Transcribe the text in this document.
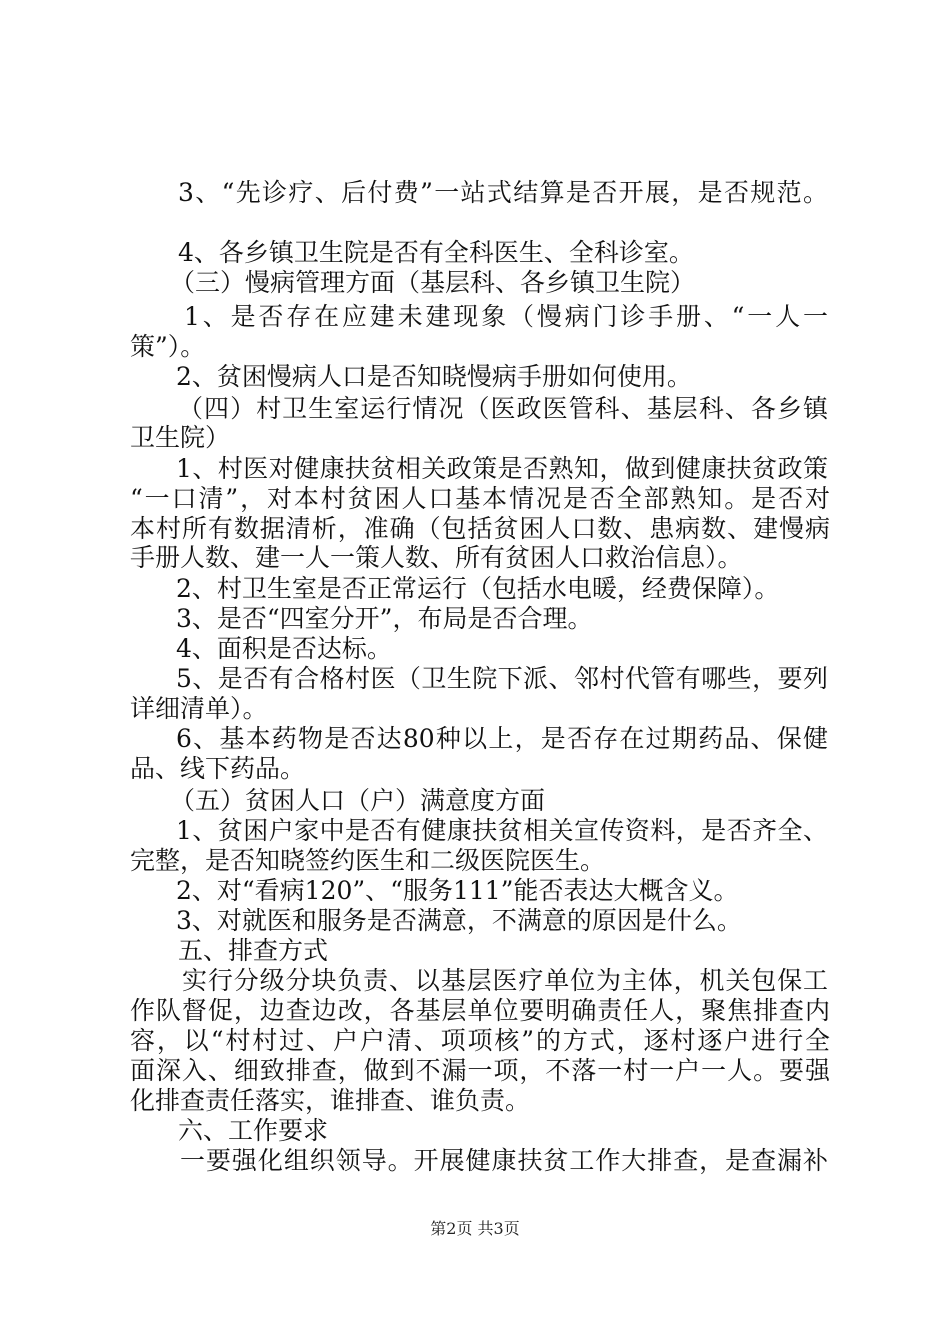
3、“先诊疗、后付费”一站式结算是否开展，是否规范。
4、各乡镇卫生院是否有全科医生、全科诊室。
（三）慢病管理方面（基层科、各乡镇卫生院）
1、是否存在应建未建现象（慢病门诊手册、“一人一
策”）。
2、贫困慢病人口是否知晓慢病手册如何使用。
（四）村卫生室运行情况（医政医管科、基层科、各乡镇
卫生院）
1、村医对健康扶贫相关政策是否熟知，做到健康扶贫政策
“一口清”，对本村贫困人口基本情况是否全部熟知。是否对
本村所有数据清析，准确（包括贫困人口数、患病数、建慢病
手册人数、建一人一策人数、所有贫困人口救治信息）。
2、村卫生室是否正常运行（包括水电暖，经费保障）。
3、是否“四室分开”，布局是否合理。
4、面积是否达标。
5、是否有合格村医（卫生院下派、邻村代管有哪些，要列
详细清单）。
6、基本药物是否达80种以上，是否存在过期药品、保健
品、线下药品。
（五）贫困人口（户）满意度方面
1、贫困户家中是否有健康扶贫相关宣传资料，是否齐全、
完整，是否知晓签约医生和二级医院医生。
2、对“看病120”、“服务111”能否表达大概含义。
3、对就医和服务是否满意，不满意的原因是什么。
五、排查方式
实行分级分块负责、以基层医疗单位为主体，机关包保工
作队督促，边查边改，各基层单位要明确责任人，聚焦排查内
容，以“村村过、户户清、项项核”的方式，逐村逐户进行全
面深入、细致排查，做到不漏一项，不落一村一户一人。要强
化排查责任落实，谁排查、谁负责。
六、工作要求
一要强化组织领导。开展健康扶贫工作大排查，是查漏补
第2页 共3页
